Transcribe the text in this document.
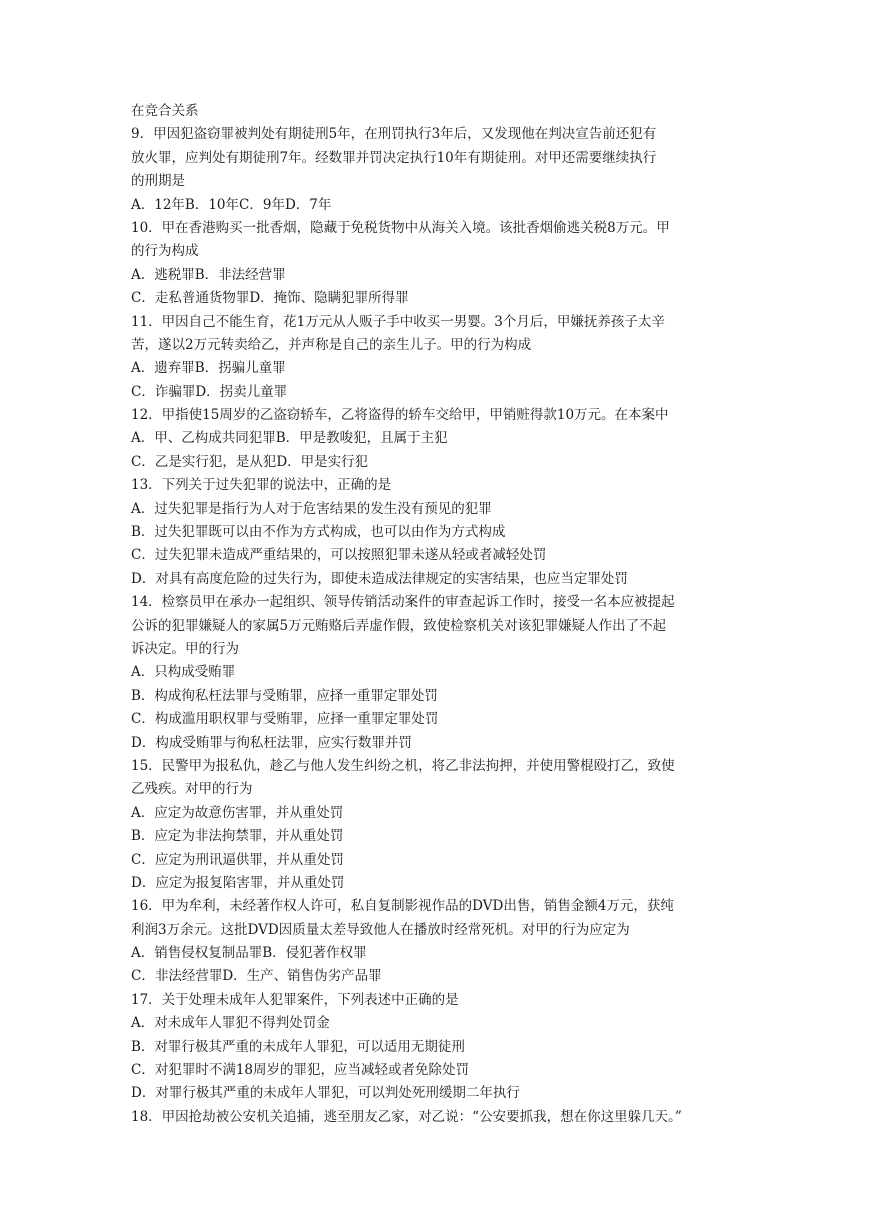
在竞合关系
9．甲因犯盗窃罪被判处有期徒刑5年，在刑罚执行3年后，又发现他在判决宣告前还犯有
放火罪，应判处有期徒刑7年。经数罪并罚决定执行10年有期徒刑。对甲还需要继续执行
的刑期是
A．12年B．10年C．9年D．7年
10．甲在香港购买一批香烟，隐藏于免税货物中从海关入境。该批香烟偷逃关税8万元。甲
的行为构成
A．逃税罪B．非法经营罪
C．走私普通货物罪D．掩饰、隐瞒犯罪所得罪
11．甲因自己不能生育，花1万元从人贩子手中收买一男婴。3个月后，甲嫌抚养孩子太辛
苦，遂以2万元转卖给乙，并声称是自己的亲生儿子。甲的行为构成
A．遗弃罪B．拐骗儿童罪
C．诈骗罪D．拐卖儿童罪
12．甲指使15周岁的乙盗窃轿车，乙将盗得的轿车交给甲，甲销赃得款10万元。在本案中
A．甲、乙构成共同犯罪B．甲是教唆犯，且属于主犯
C．乙是实行犯，是从犯D．甲是实行犯
13．下列关于过失犯罪的说法中，正确的是
A．过失犯罪是指行为人对于危害结果的发生没有预见的犯罪
B．过失犯罪既可以由不作为方式构成，也可以由作为方式构成
C．过失犯罪未造成严重结果的，可以按照犯罪未遂从轻或者减轻处罚
D．对具有高度危险的过失行为，即使未造成法律规定的实害结果，也应当定罪处罚
14．检察员甲在承办一起组织、领导传销活动案件的审查起诉工作时，接受一名本应被提起
公诉的犯罪嫌疑人的家属5万元贿赂后弄虚作假，致使检察机关对该犯罪嫌疑人作出了不起
诉决定。甲的行为
A．只构成受贿罪
B．构成徇私枉法罪与受贿罪，应择一重罪定罪处罚
C．构成滥用职权罪与受贿罪，应择一重罪定罪处罚
D．构成受贿罪与徇私枉法罪，应实行数罪并罚
15．民警甲为报私仇，趁乙与他人发生纠纷之机，将乙非法拘押，并使用警棍殴打乙，致使
乙残疾。对甲的行为
A．应定为故意伤害罪，并从重处罚
B．应定为非法拘禁罪，并从重处罚
C．应定为刑讯逼供罪，并从重处罚
D．应定为报复陷害罪，并从重处罚
16．甲为牟利，未经著作权人许可，私自复制影视作品的DVD出售，销售金额4万元，获纯
利润3万余元。这批DVD因质量太差导致他人在播放时经常死机。对甲的行为应定为
A．销售侵权复制品罪B．侵犯著作权罪
C．非法经营罪D．生产、销售伪劣产品罪
17．关于处理未成年人犯罪案件，下列表述中正确的是
A．对未成年人罪犯不得判处罚金
B．对罪行极其严重的未成年人罪犯，可以适用无期徒刑
C．对犯罪时不满18周岁的罪犯，应当减轻或者免除处罚
D．对罪行极其严重的未成年人罪犯，可以判处死刑缓期二年执行
18．甲因抢劫被公安机关追捕，逃至朋友乙家，对乙说：“公安要抓我，想在你这里躲几天。”
